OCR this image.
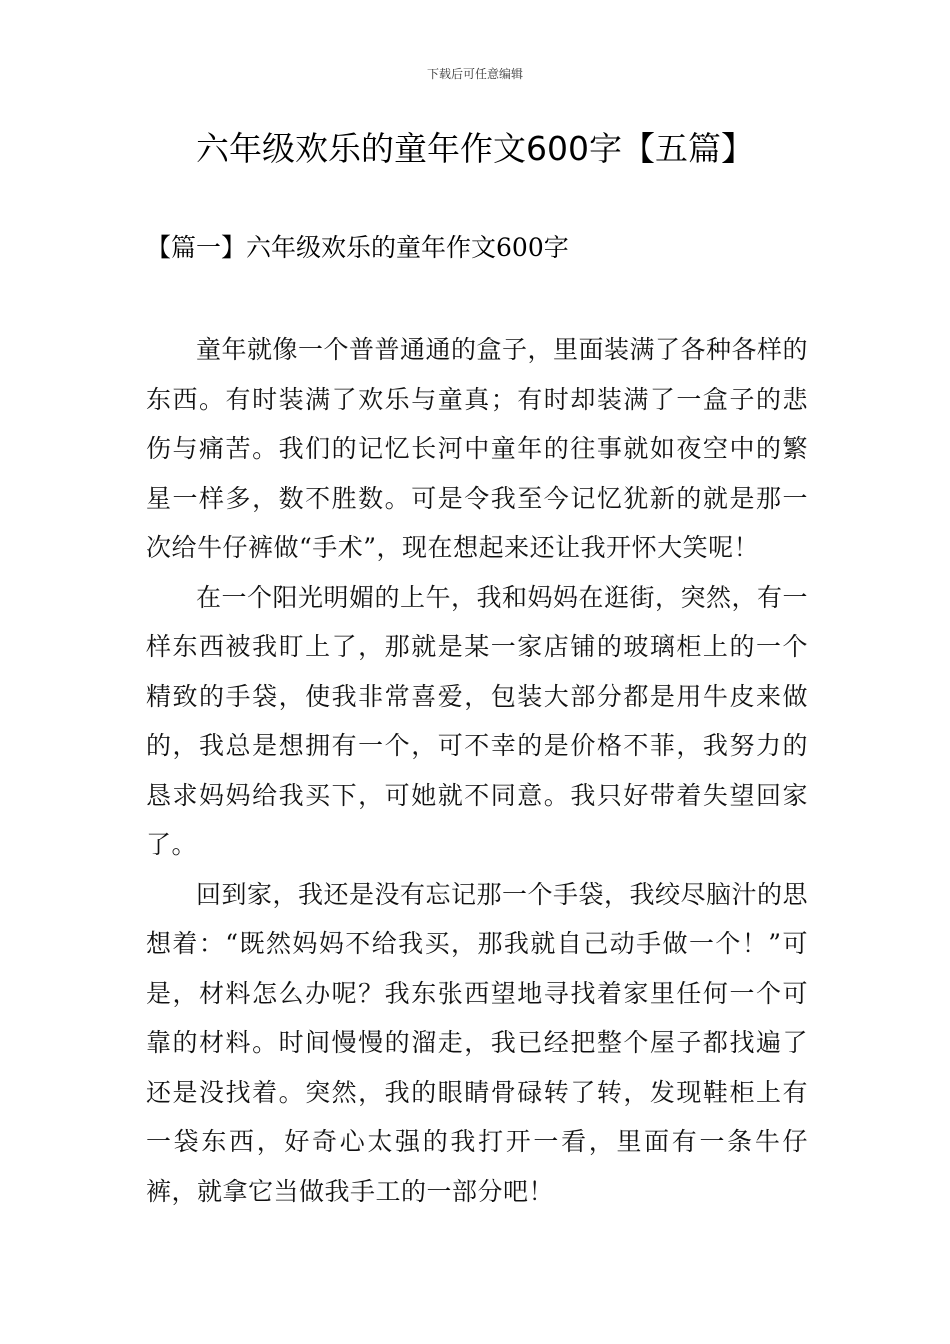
下载后可任意编辑
六年级欢乐的童年作文600字【五篇】
【篇一】六年级欢乐的童年作文600字

童年就像一个普普通通的盒子，里面装满了各种各样的东西。有时装满了欢乐与童真；有时却装满了一盒子的悲伤与痛苦。我们的记忆长河中童年的往事就如夜空中的繁星一样多，数不胜数。可是令我至今记忆犹新的就是那一次给牛仔裤做“手术”，现在想起来还让我开怀大笑呢！

在一个阳光明媚的上午，我和妈妈在逛街，突然，有一样东西被我盯上了，那就是某一家店铺的玻璃柜上的一个精致的手袋，使我非常喜爱，包装大部分都是用牛皮来做的，我总是想拥有一个，可不幸的是价格不菲，我努力的恳求妈妈给我买下，可她就不同意。我只好带着失望回家了。

回到家，我还是没有忘记那一个手袋，我绞尽脑汁的思想着：“既然妈妈不给我买，那我就自己动手做一个！”可是，材料怎么办呢？我东张西望地寻找着家里任何一个可靠的材料。时间慢慢的溜走，我已经把整个屋子都找遍了还是没找着。突然，我的眼睛骨碌转了转，发现鞋柜上有一袋东西，好奇心太强的我打开一看，里面有一条牛仔裤，就拿它当做我手工的一部分吧！
